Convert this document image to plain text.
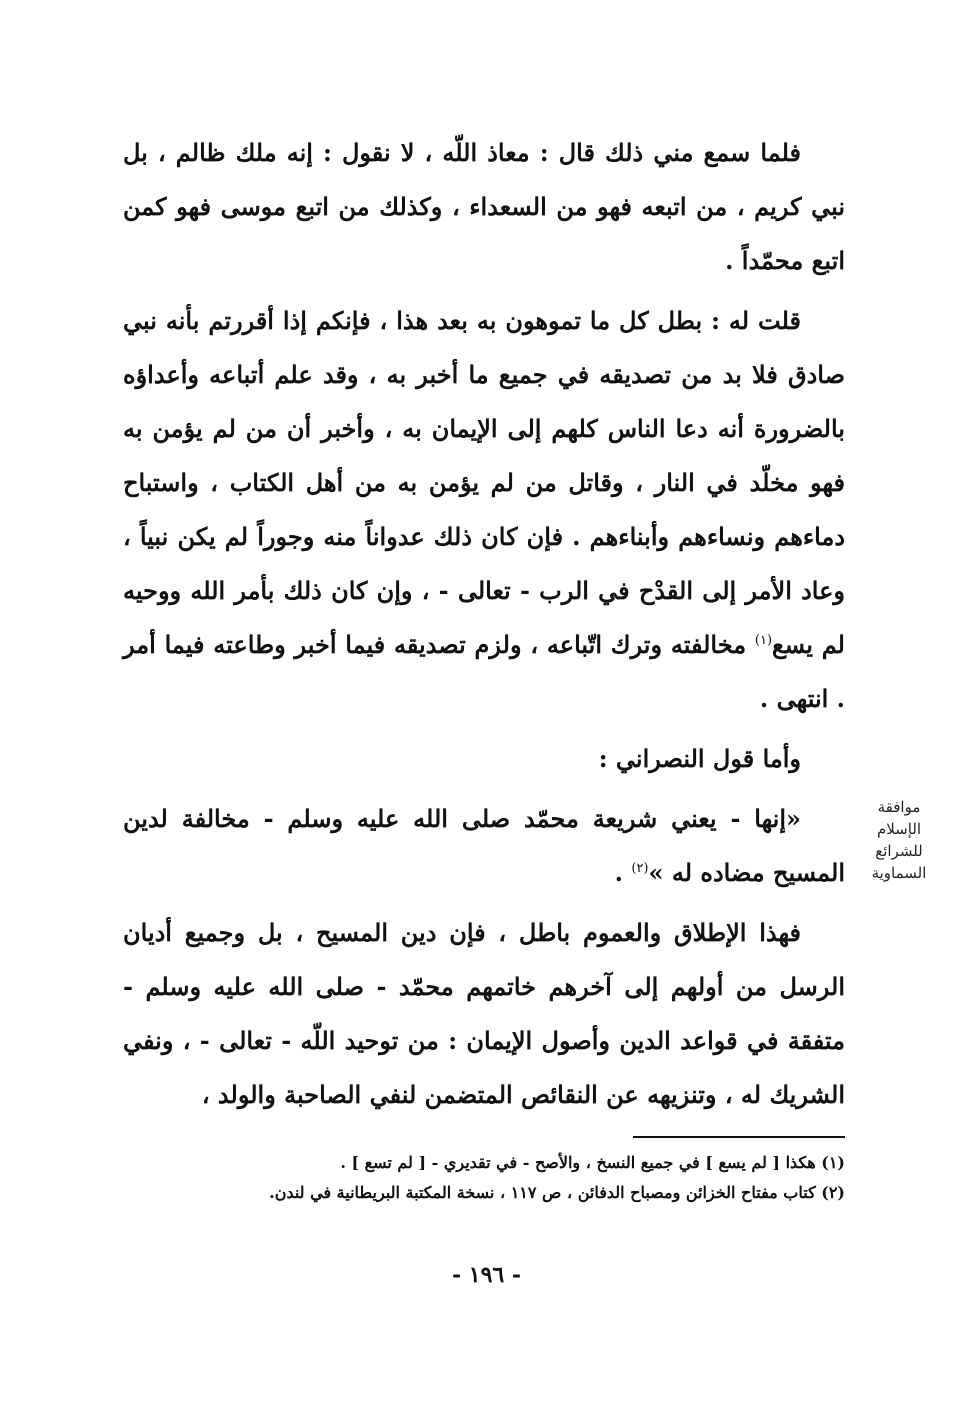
فلما سمع مني ذلك قال : معاذ اللّه ، لا نقول : إنه ملك ظالم ، بل نبي كريم ، من اتبعه فهو من السعداء ، وكذلك من اتبع موسى فهو كمن اتبع محمّداً .

قلت له : بطل كل ما تموهون به بعد هذا ، فإنكم إذا أقررتم بأنه نبي صادق فلا بد من تصديقه في جميع ما أخبر به ، وقد علم أتباعه وأعداؤه بالضرورة أنه دعا الناس كلهم إلى الإيمان به ، وأخبر أن من لم يؤمن به فهو مخلّد في النار ، وقاتل من لم يؤمن به من أهل الكتاب ، واستباح دماءهم ونساءهم وأبناءهم . فإن كان ذلك عدواناً منه وجوراً لم يكن نبياً ، وعاد الأمر إلى القدْح في الرب - تعالى - ، وإن كان ذلك بأمر الله ووحيه لم يسع$^{(١)}$ مخالفته وترك اتّباعه ، ولزم تصديقه فيما أخبر وطاعته فيما أمر . انتهى .

وأما قول النصراني :

«إنها - يعني شريعة محمّد صلى الله عليه وسلم - مخالفة لدين المسيح مضاده له »$^{(٢)}$ .

فهذا الإطلاق والعموم باطل ، فإن دين المسيح ، بل وجميع أديان الرسل من أولهم إلى آخرهم خاتمهم محمّد - صلى الله عليه وسلم - متفقة في قواعد الدين وأصول الإيمان : من توحيد اللّه - تعالى - ، ونفي الشريك له ، وتنزيهه عن النقائص المتضمن لنفي الصاحبة والولد ،

موافقة
الإسلام
للشرائع
السماوية

(١) هكذا [ لم يسع ] في جميع النسخ ، والأصح - في تقديري - [ لم تسع ] .

(٢) كتاب مفتاح الخزائن ومصباح الدفائن ، ص ١١٧ ، نسخة المكتبة البريطانية في لندن.

- ١٩٦ -
